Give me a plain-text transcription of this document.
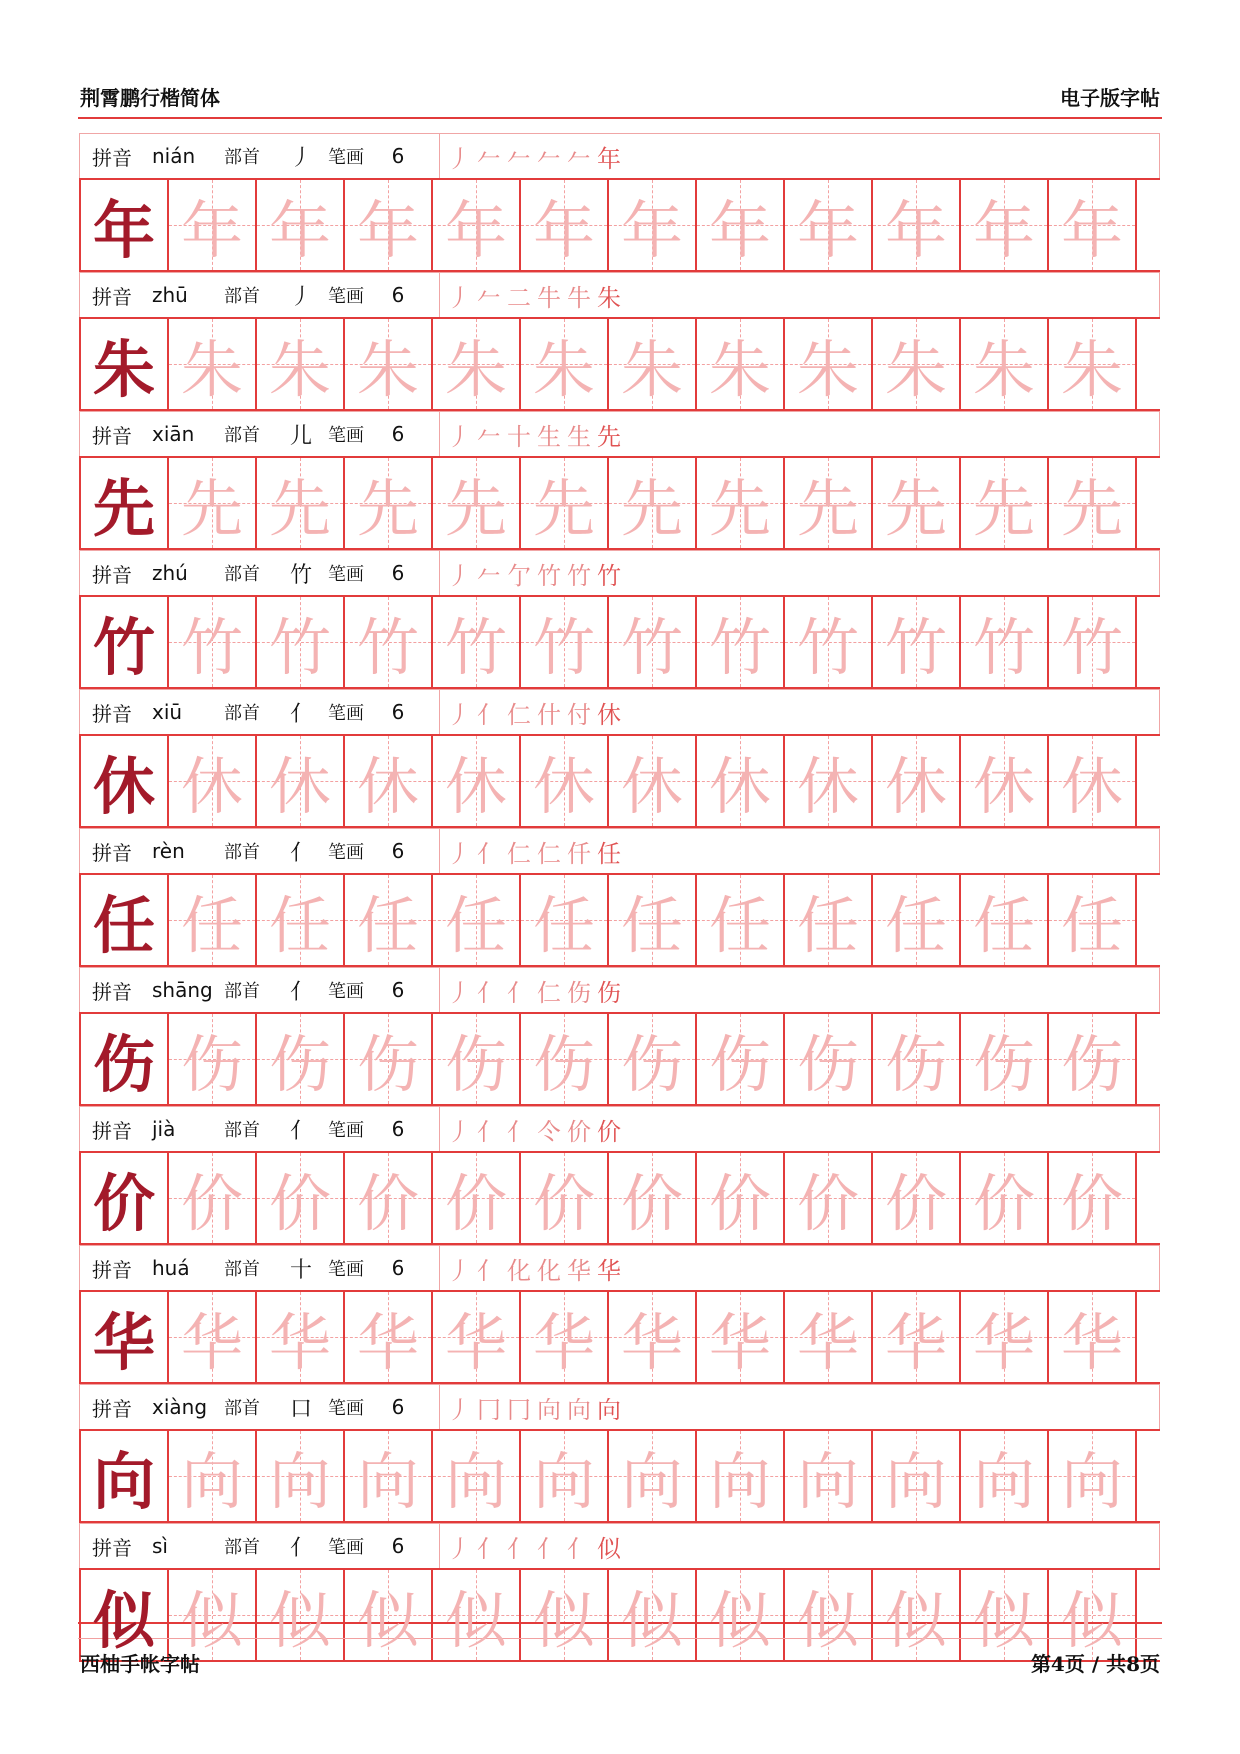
荆霄鹏行楷简体	电子版字帖
拼音	nián	部首	丿 笔画	6	丿 𠂉 𠂉 𠂉 𠂉 年
年 年 年 年 年 年 年 年 年 年 年 年
拼音	zhū	部首	丿 笔画	6	丿 𠂉 二 牛 牛 朱
朱 朱 朱 朱 朱 朱 朱 朱 朱 朱 朱 朱
拼音	xiān	部首	儿 笔画	6	丿 𠂉 十 生 生 先
先 先 先 先 先 先 先 先 先 先 先 先
拼音	zhú	部首	竹 笔画	6	丿 𠂉 亇 竹 竹 竹
竹 竹 竹 竹 竹 竹 竹 竹 竹 竹 竹 竹
拼音	xiū	部首	亻 笔画	6	丿 亻 仁 什 付 休
休 休 休 休 休 休 休 休 休 休 休 休
拼音	rèn	部首	亻 笔画	6	丿 亻 仁 仁 仟 任
任 任 任 任 任 任 任 任 任 任 任 任
拼音	shāng 部首	亻 笔画	6	丿 亻 亻 仁 伤 伤
伤 伤 伤 伤 伤 伤 伤 伤 伤 伤 伤 伤
拼音	jià	部首	亻 笔画	6	丿 亻 亻 仒 价 价
价 价 价 价 价 价 价 价 价 价 价 价
拼音	huá	部首	十 笔画	6	丿 亻 化 化 华 华
华 华 华 华 华 华 华 华 华 华 华 华
拼音	xiàng 部首	口 笔画	6	丿 冂 冂 向 向 向
向 向 向 向 向 向 向 向 向 向 向 向
拼音	sì	部首	亻 笔画	6	丿 亻 亻 亻 亻 似
似 似 似 似 似 似 似 似 似 似 似 似
西柚手帐字帖	第4页 / 共8页
